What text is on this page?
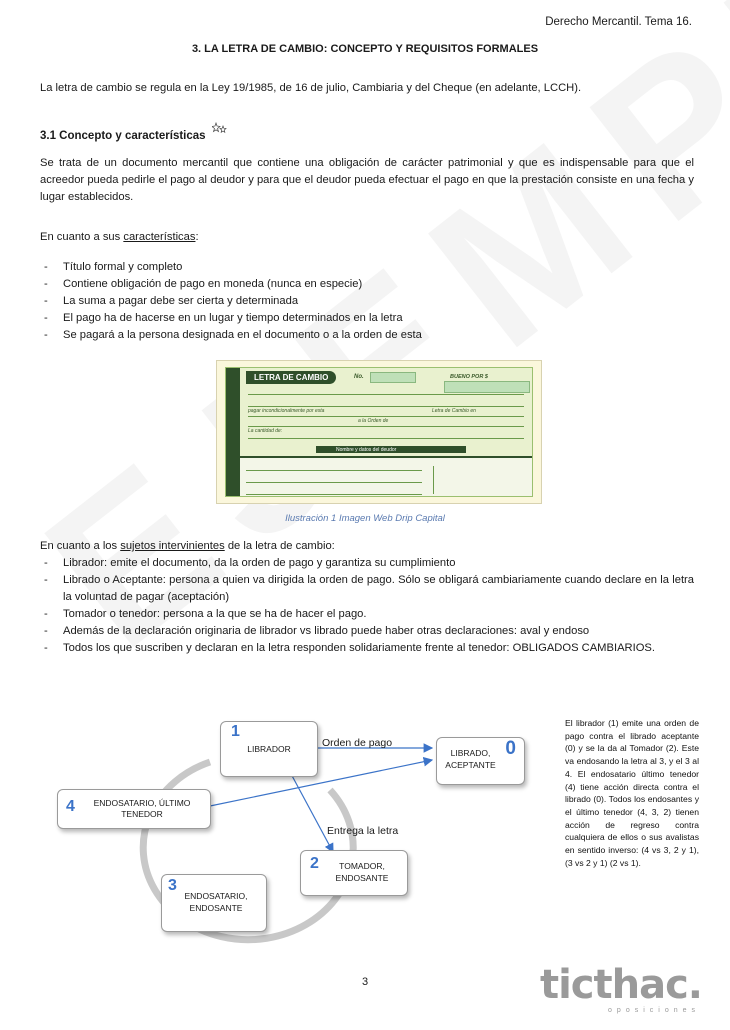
Derecho Mercantil. Tema 16.
3. LA LETRA DE CAMBIO: CONCEPTO Y REQUISITOS FORMALES
La letra de cambio se regula en la Ley 19/1985, de 16 de julio, Cambiaria y del Cheque (en adelante, LCCH).
3.1 Concepto y características
Se trata de un documento mercantil que contiene una obligación de carácter patrimonial y que es indispensable para que el acreedor pueda pedirle el pago al deudor y para que el deudor pueda efectuar el pago en que la prestación consiste en una fecha y lugar establecidos.
En cuanto a sus características:
- Título formal y completo
- Contiene obligación de pago en moneda (nunca en especie)
- La suma a pagar debe ser cierta y determinada
- El pago ha de hacerse en un lugar y tiempo determinados en la letra
- Se pagará a la persona designada en el documento o a la orden de esta
LETRA DE CAMBIO	No.	BUENO POR $
pagar incondicionalmente por esta	Letra de Cambio en
a la Orden de
La cantidad de:
Nombre y datos del deudor
Ilustración 1 Imagen Web Drip Capital
En cuanto a los sujetos intervinientes de la letra de cambio:
- Librador: emite el documento, da la orden de pago y garantiza su cumplimiento
- Librado o Aceptante: persona a quien va dirigida la orden de pago. Sólo se obligará cambiariamente cuando declare en la letra la voluntad de pagar (aceptación)
- Tomador o tenedor: persona a la que se ha de hacer el pago.
- Además de la declaración originaria de librador vs librado puede haber otras declaraciones: aval y endoso
- Todos los que suscriben y declaran en la letra responden solidariamente frente al tenedor: OBLIGADOS CAMBIARIOS.
1
LIBRADOR	Orden de pago
LIBRADO, ACEPTANTE
0
4	ENDOSATARIO, ÚLTIMO TENEDOR
Entrega la letra
2	TOMADOR, ENDOSANTE
3
ENDOSATARIO, ENDOSANTE
El librador (1) emite una orden de pago contra el librado aceptante (0) y se la da al Tomador (2). Este va endosando la letra al 3, y el 3 al 4. El endosatario último tenedor (4) tiene acción directa contra el librado (0). Todos los endosantes y el último tenedor (4, 3, 2) tienen acción de regreso contra cualquiera de ellos o sus avalistas en sentido inverso: (4 vs 3, 2 y 1), (3 vs 2 y 1) (2 vs 1).
3	ticthac.
oposiciones
